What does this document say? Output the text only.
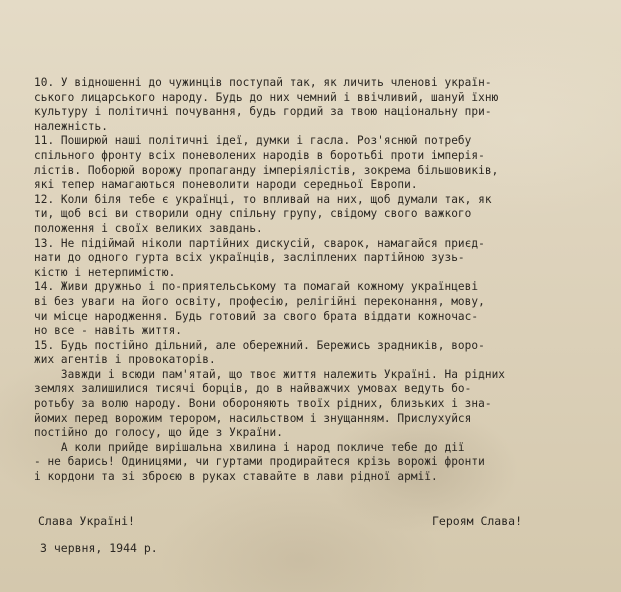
10. У відношенні до чужинців поступай так, як личить членові україн-
ського лицарського народу. Будь до них чемний і ввічливий, шануй їхню
культуру і політичні почування, будь гордий за твою національну при-
належність.
11. Поширюй наші політичні ідеї, думки і гасла. Роз'яснюй потребу
спільного фронту всіх поневолених народів в боротьбі проти імперія-
лістів. Поборюй ворожу пропаганду імперіялістів, зокрема більшовиків,
які тепер намагаються поневолити народи середньої Европи.
12. Коли біля тебе є українці, то впливай на них, щоб думали так, як
ти, щоб всі ви створили одну спільну групу, свідому свого важкого
положення і своїх великих завдань.
13. Не підіймай ніколи партійних дискусій, сварок, намагайся приєд-
нати до одного гурта всіх українців, засліплених партійною зузь-
кістю і нетерпимістю.
14. Живи дружньо і по-приятельському та помагай кожному українцеві
ві без уваги на його освіту, професію, релігійні переконання, мову,
чи місце народження. Будь готовий за свого брата віддати кожночас-
но все - навіть життя.
15. Будь постійно дільний, але обережний. Бережись зрадників, воро-
жих агентів і провокаторів.
Завжди і всюди пам'ятай, що твоє життя належить Україні. На рідних
землях залишилися тисячі борців, до в найважчих умовах ведуть бо-
ротьбу за волю народу. Вони обороняють твоїх рідних, близьких і зна-
йомих перед ворожим терором, насильством і знущанням. Прислухуйся
постійно до голосу, що йде з України.
А коли прийде вирішальна хвилина і народ покличе тебе до дії
- не барись! Одиницями, чи гуртами продирайтеся крізь ворожі фронти
і кордони та зі зброєю в руках ставайте в лави рідної армії.
Слава Україні!	Героям Слава!
3 червня, 1944 р.
